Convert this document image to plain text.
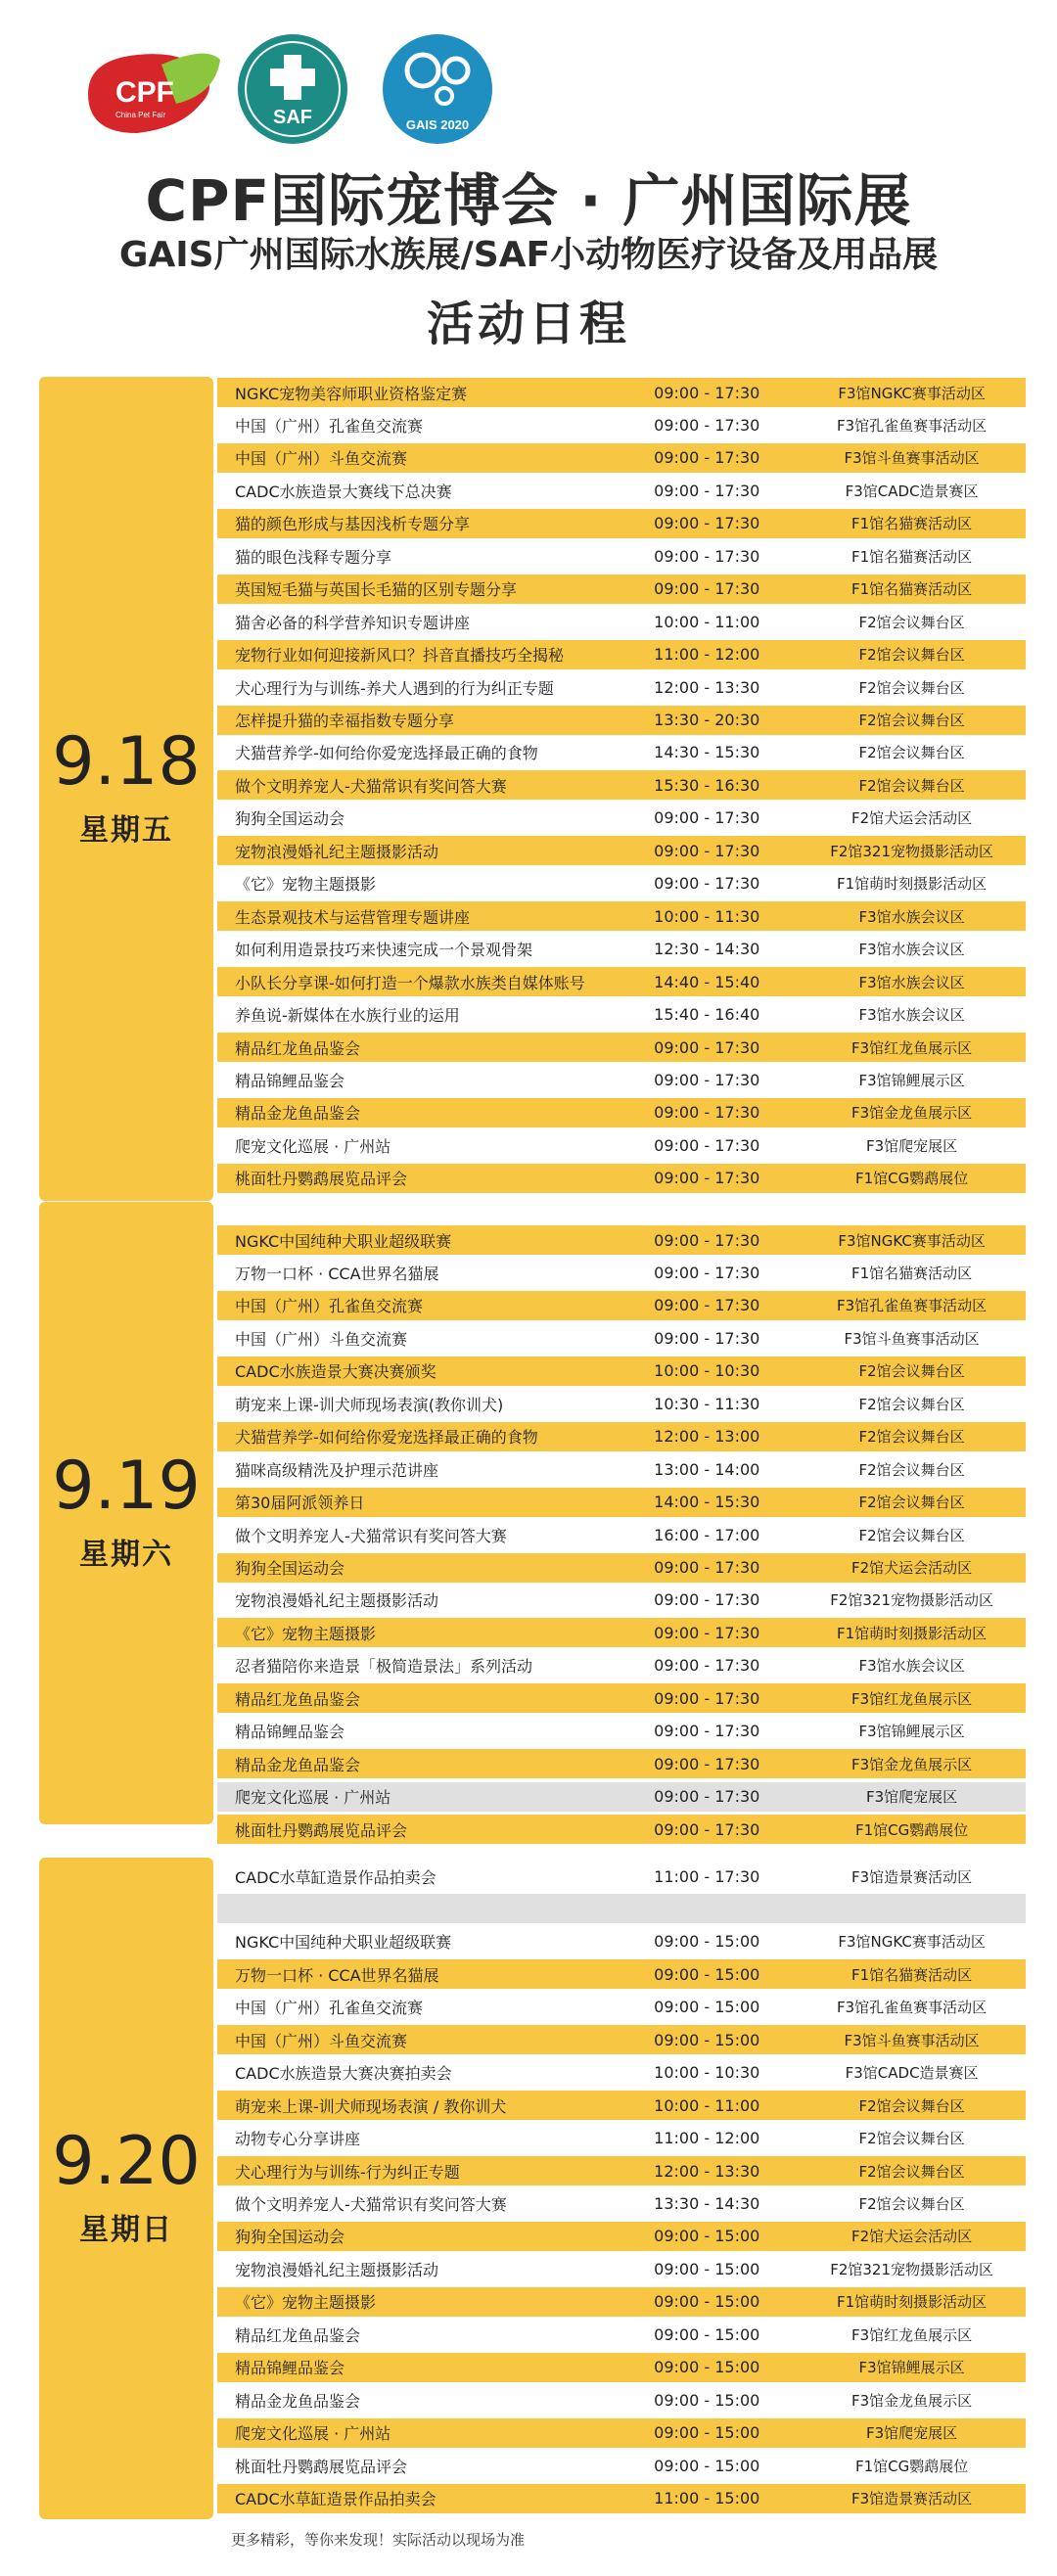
CPF
China Pet Fair	SAF	GAIS 2020
CPF国际宠博会 · 广州国际展
GAIS广州国际水族展/SAF小动物医疗设备及用品展
活动日程
9.18
星期五
NGKC宠物美容师职业资格鉴定赛	09:00 - 17:30	F3馆NGKC赛事活动区
中国（广州）孔雀鱼交流赛	09:00 - 17:30	F3馆孔雀鱼赛事活动区
中国（广州）斗鱼交流赛	09:00 - 17:30	F3馆斗鱼赛事活动区
CADC水族造景大赛线下总决赛	09:00 - 17:30	F3馆CADC造景赛区
猫的颜色形成与基因浅析专题分享	09:00 - 17:30	F1馆名猫赛活动区
猫的眼色浅释专题分享	09:00 - 17:30	F1馆名猫赛活动区
英国短毛猫与英国长毛猫的区别专题分享	09:00 - 17:30	F1馆名猫赛活动区
猫舍必备的科学营养知识专题讲座	10:00 - 11:00	F2馆会议舞台区
宠物行业如何迎接新风口？抖音直播技巧全揭秘	11:00 - 12:00	F2馆会议舞台区
犬心理行为与训练-养犬人遇到的行为纠正专题	12:00 - 13:30	F2馆会议舞台区
怎样提升猫的幸福指数专题分享	13:30 - 20:30	F2馆会议舞台区
犬猫营养学-如何给你爱宠选择最正确的食物	14:30 - 15:30	F2馆会议舞台区
做个文明养宠人-犬猫常识有奖问答大赛	15:30 - 16:30	F2馆会议舞台区
狗狗全国运动会	09:00 - 17:30	F2馆犬运会活动区
宠物浪漫婚礼纪主题摄影活动	09:00 - 17:30	F2馆321宠物摄影活动区
《它》宠物主题摄影	09:00 - 17:30	F1馆萌时刻摄影活动区
生态景观技术与运营管理专题讲座	10:00 - 11:30	F3馆水族会议区
如何利用造景技巧来快速完成一个景观骨架	12:30 - 14:30	F3馆水族会议区
小队长分享课-如何打造一个爆款水族类自媒体账号	14:40 - 15:40	F3馆水族会议区
养鱼说-新媒体在水族行业的运用	15:40 - 16:40	F3馆水族会议区
精品红龙鱼品鉴会	09:00 - 17:30	F3馆红龙鱼展示区
精品锦鲤品鉴会	09:00 - 17:30	F3馆锦鲤展示区
精品金龙鱼品鉴会	09:00 - 17:30	F3馆金龙鱼展示区
爬宠文化巡展 · 广州站	09:00 - 17:30	F3馆爬宠展区
桃面牡丹鹦鹉展览品评会	09:00 - 17:30	F1馆CG鹦鹉展位
9.19
星期六
NGKC中国纯种犬职业超级联赛	09:00 - 17:30	F3馆NGKC赛事活动区
万物一口杯 · CCA世界名猫展	09:00 - 17:30	F1馆名猫赛活动区
中国（广州）孔雀鱼交流赛	09:00 - 17:30	F3馆孔雀鱼赛事活动区
中国（广州）斗鱼交流赛	09:00 - 17:30	F3馆斗鱼赛事活动区
CADC水族造景大赛决赛颁奖	10:00 - 10:30	F2馆会议舞台区
萌宠来上课-训犬师现场表演(教你训犬)	10:30 - 11:30	F2馆会议舞台区
犬猫营养学-如何给你爱宠选择最正确的食物	12:00 - 13:00	F2馆会议舞台区
猫咪高级精洗及护理示范讲座	13:00 - 14:00	F2馆会议舞台区
第30届阿派领养日	14:00 - 15:30	F2馆会议舞台区
做个文明养宠人-犬猫常识有奖问答大赛	16:00 - 17:00	F2馆会议舞台区
狗狗全国运动会	09:00 - 17:30	F2馆犬运会活动区
宠物浪漫婚礼纪主题摄影活动	09:00 - 17:30	F2馆321宠物摄影活动区
《它》宠物主题摄影	09:00 - 17:30	F1馆萌时刻摄影活动区
忍者猫陪你来造景「极简造景法」系列活动	09:00 - 17:30	F3馆水族会议区
精品红龙鱼品鉴会	09:00 - 17:30	F3馆红龙鱼展示区
精品锦鲤品鉴会	09:00 - 17:30	F3馆锦鲤展示区
精品金龙鱼品鉴会	09:00 - 17:30	F3馆金龙鱼展示区
爬宠文化巡展 · 广州站	09:00 - 17:30	F3馆爬宠展区
桃面牡丹鹦鹉展览品评会	09:00 - 17:30	F1馆CG鹦鹉展位
9.20
星期日
CADC水草缸造景作品拍卖会	11:00 - 17:30	F3馆造景赛活动区
NGKC中国纯种犬职业超级联赛	09:00 - 15:00	F3馆NGKC赛事活动区
万物一口杯 · CCA世界名猫展	09:00 - 15:00	F1馆名猫赛活动区
中国（广州）孔雀鱼交流赛	09:00 - 15:00	F3馆孔雀鱼赛事活动区
中国（广州）斗鱼交流赛	09:00 - 15:00	F3馆斗鱼赛事活动区
CADC水族造景大赛决赛拍卖会	10:00 - 10:30	F3馆CADC造景赛区
萌宠来上课-训犬师现场表演 / 教你训犬	10:00 - 11:00	F2馆会议舞台区
动物专心分享讲座	11:00 - 12:00	F2馆会议舞台区
犬心理行为与训练-行为纠正专题	12:00 - 13:30	F2馆会议舞台区
做个文明养宠人-犬猫常识有奖问答大赛	13:30 - 14:30	F2馆会议舞台区
狗狗全国运动会	09:00 - 15:00	F2馆犬运会活动区
宠物浪漫婚礼纪主题摄影活动	09:00 - 15:00	F2馆321宠物摄影活动区
《它》宠物主题摄影	09:00 - 15:00	F1馆萌时刻摄影活动区
精品红龙鱼品鉴会	09:00 - 15:00	F3馆红龙鱼展示区
精品锦鲤品鉴会	09:00 - 15:00	F3馆锦鲤展示区
精品金龙鱼品鉴会	09:00 - 15:00	F3馆金龙鱼展示区
爬宠文化巡展 · 广州站	09:00 - 15:00	F3馆爬宠展区
桃面牡丹鹦鹉展览品评会	09:00 - 15:00	F1馆CG鹦鹉展位
CADC水草缸造景作品拍卖会	11:00 - 15:00	F3馆造景赛活动区
更多精彩，等你来发现！实际活动以现场为准
